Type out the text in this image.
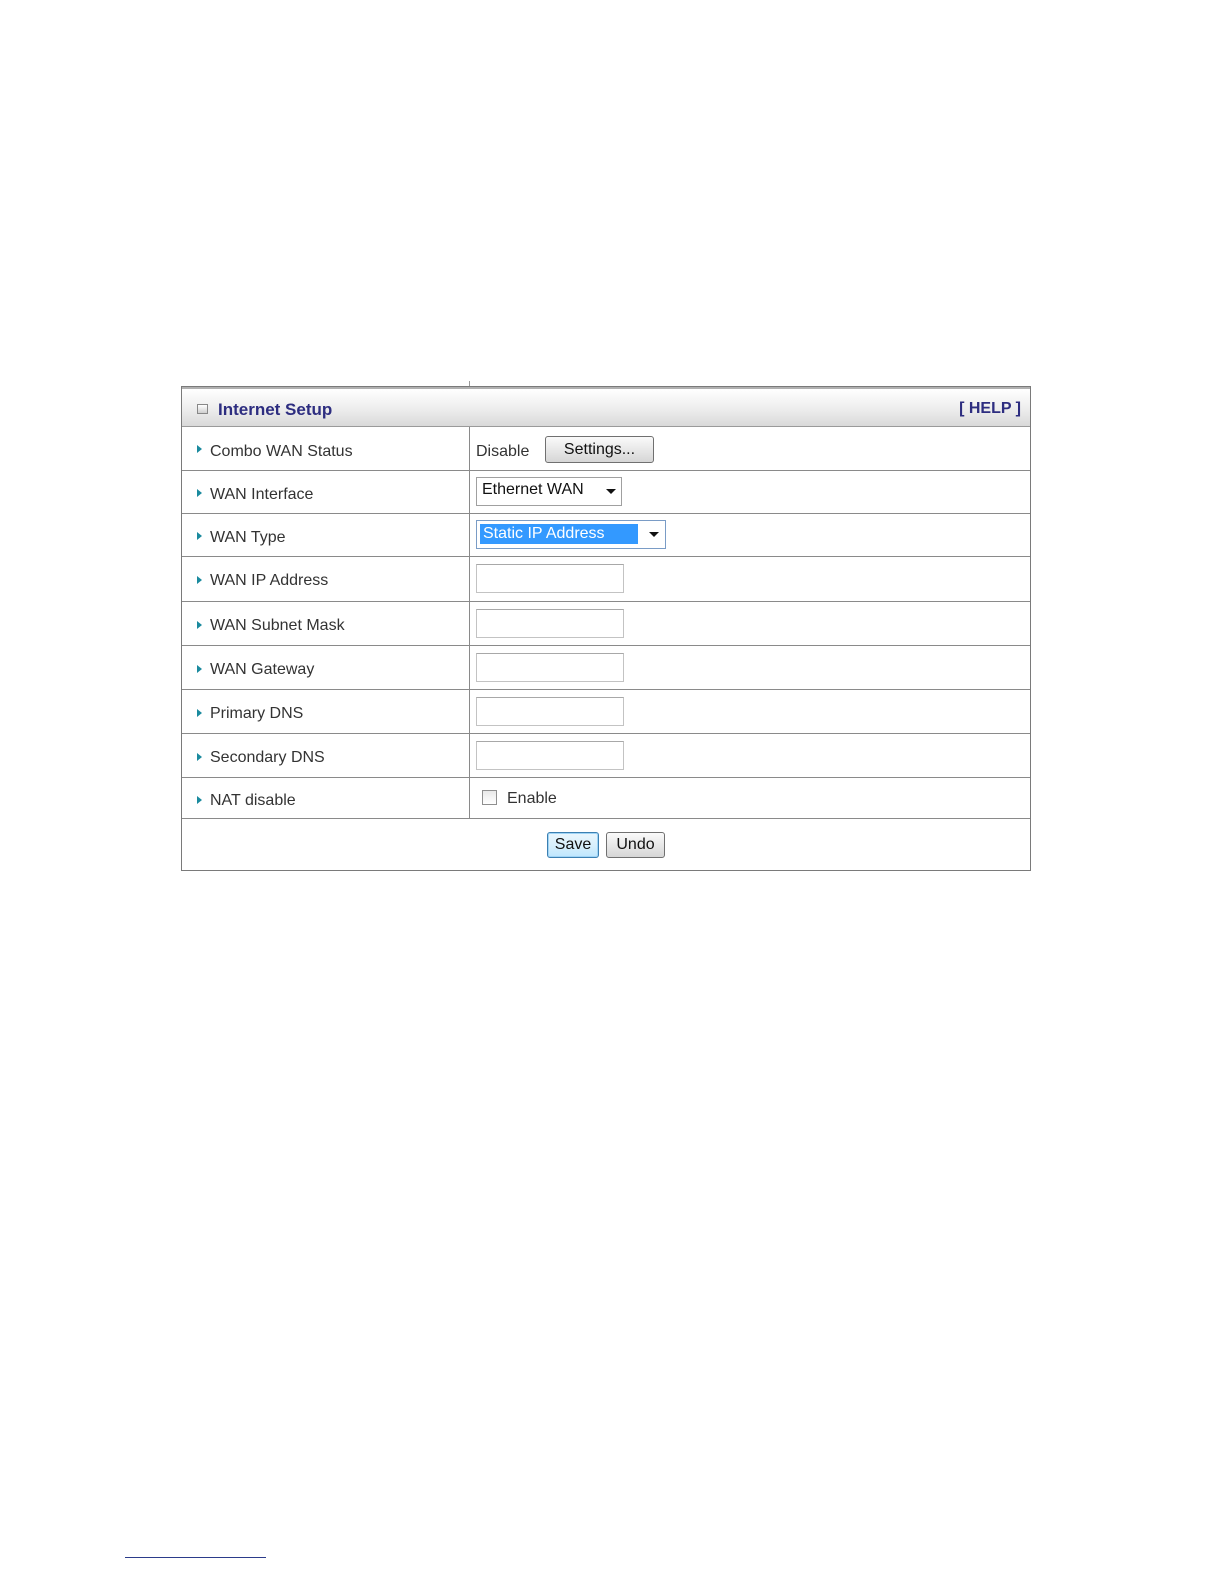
Internet Setup	[ HELP ]
Combo WAN Status	Disable	Settings...
WAN Interface	Ethernet WAN
WAN Type	Static IP Address
WAN IP Address
WAN Subnet Mask
WAN Gateway
Primary DNS
Secondary DNS
NAT disable	Enable
Save	Undo
